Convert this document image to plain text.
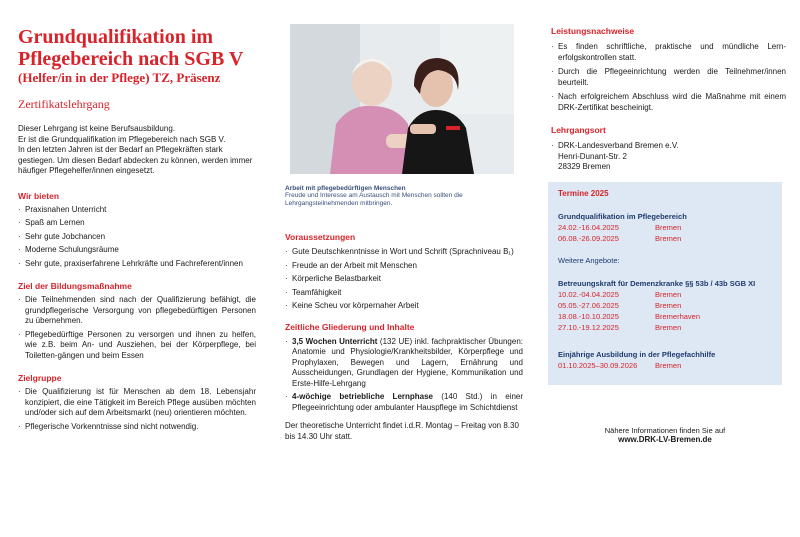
Grundqualifikation im
Pflegebereich nach SGB V
(Helfer/in in der Pflege) TZ, Präsenz
Zertifikatslehrgang
Dieser Lehrgang ist keine Berufsausbildung.
Er ist die Grundqualifikation im Pflegebereich nach SGB V.
In den letzten Jahren ist der Bedarf an Pflegekräften stark gestiegen. Um diesen Bedarf abdecken zu können, werden immer häufiger Pflegehelfer/innen eingesetzt.
Wir bieten
· Praxisnahen Unterricht
· Spaß am Lernen
· Sehr gute Jobchancen
· Moderne Schulungsräume
· Sehr gute, praxiserfahrene Lehrkräfte und Fachreferent/innen
Ziel der Bildungsmaßnahme
· Die Teilnehmenden sind nach der Qualifizierung befähigt, die grundpflegerische Versorgung von pflegebedürftigen Personen zu übernehmen.
· Pflegebedürftige Personen zu versorgen und ihnen zu helfen, wie z.B. beim An- und Ausziehen, bei der Körperpflege, bei Toiletten-gängen und beim Essen
Zielgruppe
· Die Qualifizierung ist für Menschen ab dem 18. Lebensjahr konzipiert, die eine Tätigkeit im Bereich Pflege ausüben möchten und/oder sich auf dem Arbeitsmarkt (neu) orientieren möchten.
· Pflegerische Vorkenntnisse sind nicht notwendig.
Arbeit mit pflegebedürftigen Menschen
Freude und Interesse am Austausch mit Menschen sollten die Lehrgangsteilnehmenden mitbringen.
Voraussetzungen
· Gute Deutschkenntnisse in Wort und Schrift (Sprachniveau B₁)
· Freude an der Arbeit mit Menschen
· Körperliche Belastbarkeit
· Teamfähigkeit
· Keine Scheu vor körpernaher Arbeit
Zeitliche Gliederung und Inhalte
· 3,5 Wochen Unterricht (132 UE) inkl. fachpraktischer Übungen: Anatomie und Physiologie/Krankheitsbilder, Körperpflege und Prophylaxen, Bewegen und Lagern, Ernährung und Ausscheidungen, Grundlagen der Hygiene, Kommunikation und Erste-Hilfe-Lehrgang
· 4-wöchige betriebliche Lernphase (140 Std.) in einer Pflegeeinrichtung oder ambulanter Hauspflege im Schichtdienst
Der theoretische Unterricht findet i.d.R. Montag – Freitag von 8.30 bis 14.30 Uhr statt.
Leistungsnachweise
· Es finden schriftliche, praktische und mündliche Lern-erfolgskontrollen statt.
· Durch die Pflegeeinrichtung werden die Teilnehmer/innen beurteilt.
· Nach erfolgreichem Abschluss wird die Maßnahme mit einem DRK-Zertifikat bescheinigt.
Lehrgangsort
· DRK-Landesverband Bremen e.V.
Henri-Dunant-Str. 2
28329 Bremen
Termine 2025
Grundqualifikation im Pflegebereich
24.02.-16.04.2025	Bremen
06.08.-26.09.2025	Bremen
Weitere Angebote:
Betreuungskraft für Demenzkranke §§ 53b / 43b SGB XI
10.02.-04.04.2025	Bremen
05.05.-27.06.2025	Bremen
18.08.-10.10.2025	Bremerhaven
27.10.-19.12.2025	Bremen
Einjährige Ausbildung in der Pflegefachhilfe
01.10.2025–30.09.2026 Bremen
Nähere Informationen finden Sie auf
www.DRK-LV-Bremen.de
